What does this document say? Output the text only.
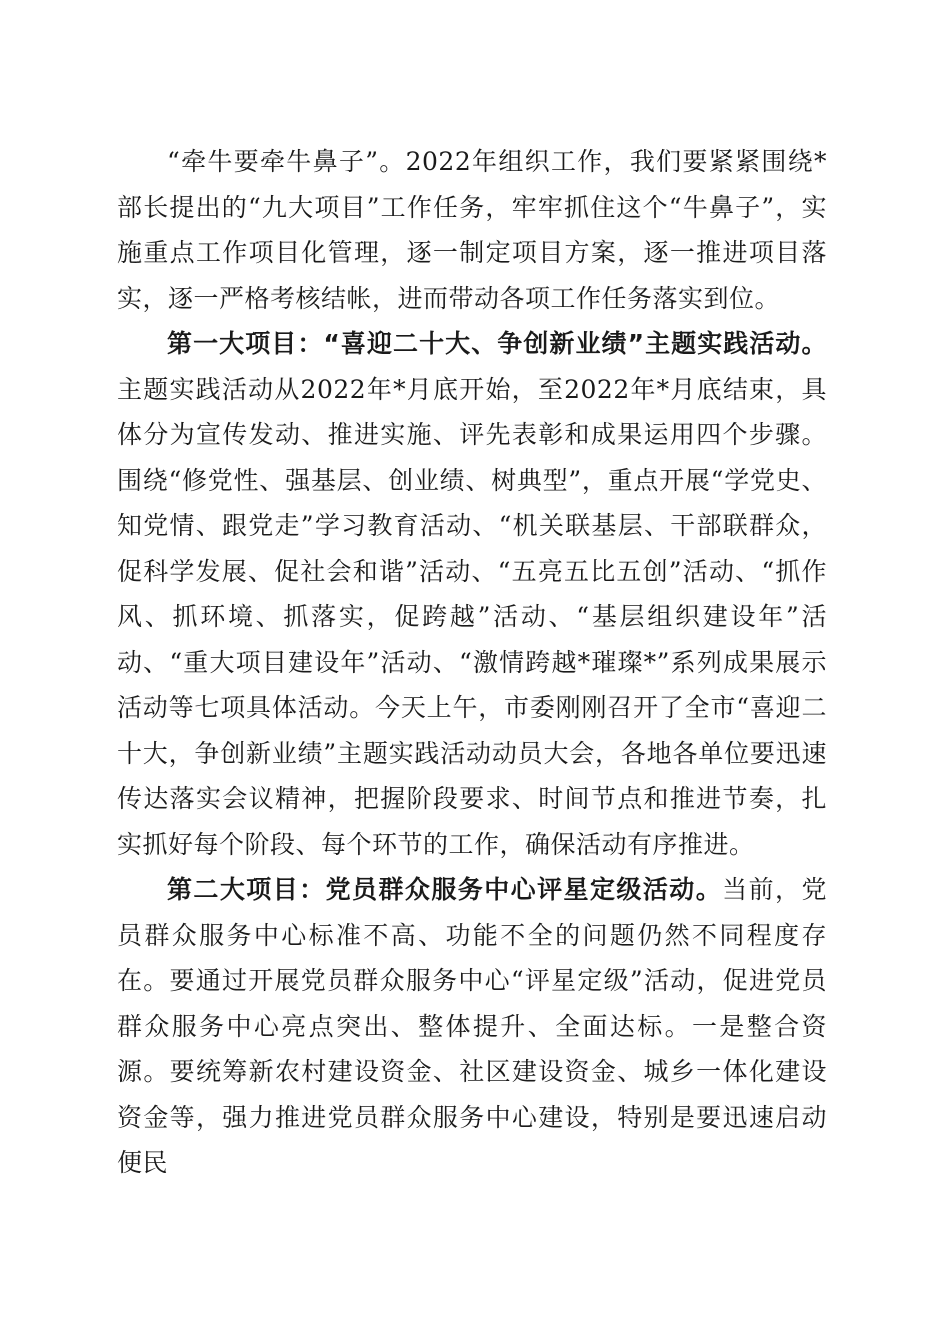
“牵牛要牵牛鼻子”。2022年组织工作，我们要紧紧围绕*部长提出的“九大项目”工作任务，牢牢抓住这个“牛鼻子”，实施重点工作项目化管理，逐一制定项目方案，逐一推进项目落实，逐一严格考核结帐，进而带动各项工作任务落实到位。

第一大项目：“喜迎二十大、争创新业绩”主题实践活动。主题实践活动从2022年*月底开始，至2022年*月底结束，具体分为宣传发动、推进实施、评先表彰和成果运用四个步骤。围绕“修党性、强基层、创业绩、树典型”，重点开展“学党史、知党情、跟党走”学习教育活动、“机关联基层、干部联群众，促科学发展、促社会和谐”活动、“五亮五比五创”活动、“抓作风、抓环境、抓落实，促跨越”活动、“基层组织建设年”活动、“重大项目建设年”活动、“激情跨越*璀璨*”系列成果展示活动等七项具体活动。今天上午，市委刚刚召开了全市“喜迎二十大，争创新业绩”主题实践活动动员大会，各地各单位要迅速传达落实会议精神，把握阶段要求、时间节点和推进节奏，扎实抓好每个阶段、每个环节的工作，确保活动有序推进。

第二大项目：党员群众服务中心评星定级活动。当前，党员群众服务中心标准不高、功能不全的问题仍然不同程度存在。要通过开展党员群众服务中心“评星定级”活动，促进党员群众服务中心亮点突出、整体提升、全面达标。一是整合资源。要统筹新农村建设资金、社区建设资金、城乡一体化建设资金等，强力推进党员群众服务中心建设，特别是要迅速启动便民
